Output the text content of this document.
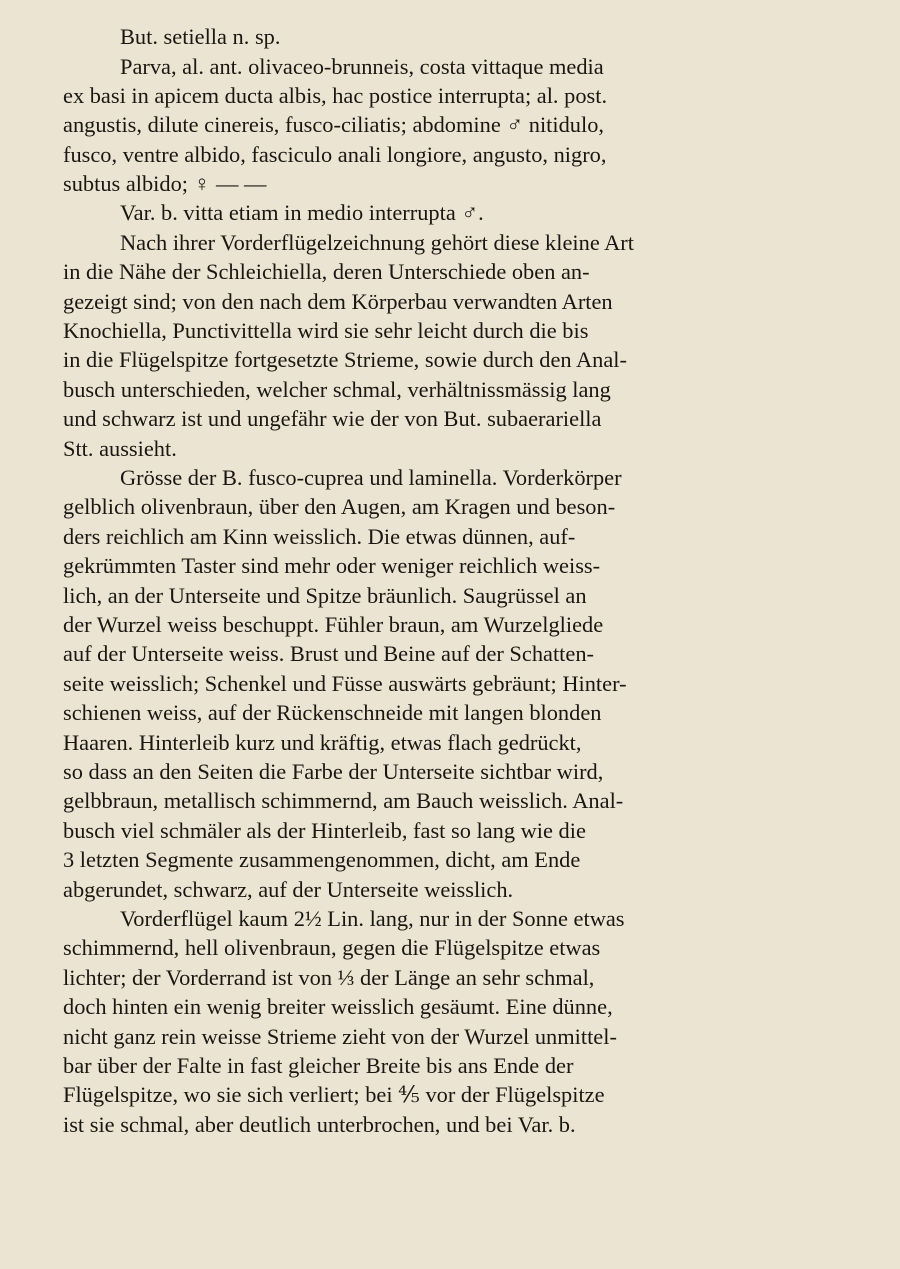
But. setiella n. sp.
Parva, al. ant. olivaceo-brunneis, costa vittaque media
ex basi in apicem ducta albis, hac postice interrupta; al. post.
angustis, dilute cinereis, fusco-ciliatis; abdomine ♂ nitidulo,
fusco, ventre albido, fasciculo anali longiore, angusto, nigro,
subtus albido; ♀ — —
Var. b. vitta etiam in medio interrupta ♂.
Nach ihrer Vorderflügelzeichnung gehört diese kleine Art
in die Nähe der Schleichiella, deren Unterschiede oben an-
gezeigt sind; von den nach dem Körperbau verwandten Arten
Knochiella, Punctivittella wird sie sehr leicht durch die bis
in die Flügelspitze fortgesetzte Strieme, sowie durch den Anal-
busch unterschieden, welcher schmal, verhältnissmässig lang
und schwarz ist und ungefähr wie der von But. subaerariella
Stt. aussieht.
Grösse der B. fusco-cuprea und laminella. Vorderkörper
gelblich olivenbraun, über den Augen, am Kragen und beson-
ders reichlich am Kinn weisslich. Die etwas dünnen, auf-
gekrümmten Taster sind mehr oder weniger reichlich weiss-
lich, an der Unterseite und Spitze bräunlich. Saugrüssel an
der Wurzel weiss beschuppt. Fühler braun, am Wurzelgliede
auf der Unterseite weiss. Brust und Beine auf der Schatten-
seite weisslich; Schenkel und Füsse auswärts gebräunt; Hinter-
schienen weiss, auf der Rückenschneide mit langen blonden
Haaren. Hinterleib kurz und kräftig, etwas flach gedrückt,
so dass an den Seiten die Farbe der Unterseite sichtbar wird,
gelbbraun, metallisch schimmernd, am Bauch weisslich. Anal-
busch viel schmäler als der Hinterleib, fast so lang wie die
3 letzten Segmente zusammengenommen, dicht, am Ende
abgerundet, schwarz, auf der Unterseite weisslich.
Vorderflügel kaum 2½ Lin. lang, nur in der Sonne etwas
schimmernd, hell olivenbraun, gegen die Flügelspitze etwas
lichter; der Vorderrand ist von ⅓ der Länge an sehr schmal,
doch hinten ein wenig breiter weisslich gesäumt. Eine dünne,
nicht ganz rein weisse Strieme zieht von der Wurzel unmittel-
bar über der Falte in fast gleicher Breite bis ans Ende der
Flügelspitze, wo sie sich verliert; bei ⅘ vor der Flügelspitze
ist sie schmal, aber deutlich unterbrochen, und bei Var. b.
